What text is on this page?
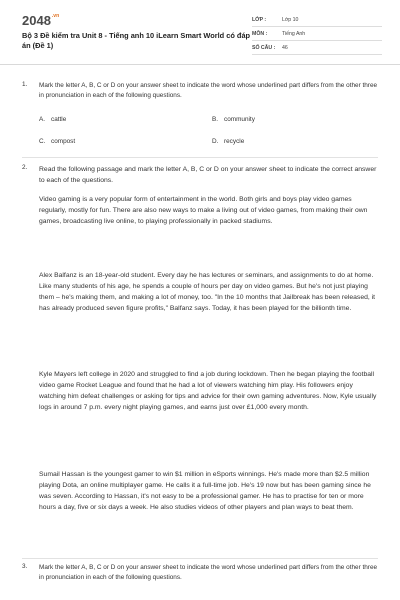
$2048^{.vn}$
Bộ 3 Đề kiểm tra Unit 8 - Tiếng anh 10 iLearn Smart World có đáp án (Đề 1)
LỚP :	Lớp 10
MÔN :	Tiếng Anh
SỐ CÂU : 46
1. Mark the letter A, B, C or D on your answer sheet to indicate the word whose underlined part differs from the other three in pronunciation in each of the following questions.
A. cattle	B. community
C. compost	D. recycle
2. Read the following passage and mark the letter A, B, C or D on your answer sheet to indicate the correct answer to each of the questions.
Video gaming is a very popular form of entertainment in the world. Both girls and boys play video games regularly, mostly for fun. There are also new ways to make a living out of video games, from making their own games, broadcasting live online, to playing professionally in packed stadiums.
Alex Balfanz is an 18-year-old student. Every day he has lectures or seminars, and assignments to do at home. Like many students of his age, he spends a couple of hours per day on video games. But he's not just playing them – he's making them, and making a lot of money, too. "In the 10 months that Jailbreak has been released, it has already produced seven figure profits," Balfanz says. Today, it has been played for the billionth time.
Kyle Mayers left college in 2020 and struggled to find a job during lockdown. Then he began playing the football video game Rocket League and found that he had a lot of viewers watching him play. His followers enjoy watching him defeat challenges or asking for tips and advice for their own gaming adventures. Now, Kyle usually logs in around 7 p.m. every night playing games, and earns just over £1,000 every month.
Sumail Hassan is the youngest gamer to win $1 million in eSports winnings. He's made more than $2.5 million playing Dota, an online multiplayer game. He calls it a full-time job. He's 19 now but has been gaming since he was seven. According to Hassan, it's not easy to be a professional gamer. He has to practise for ten or more hours a day, five or six days a week. He also studies videos of other players and plan ways to beat them.
3. Mark the letter A, B, C or D on your answer sheet to indicate the word whose underlined part differs from the other three in pronunciation in each of the following questions.
